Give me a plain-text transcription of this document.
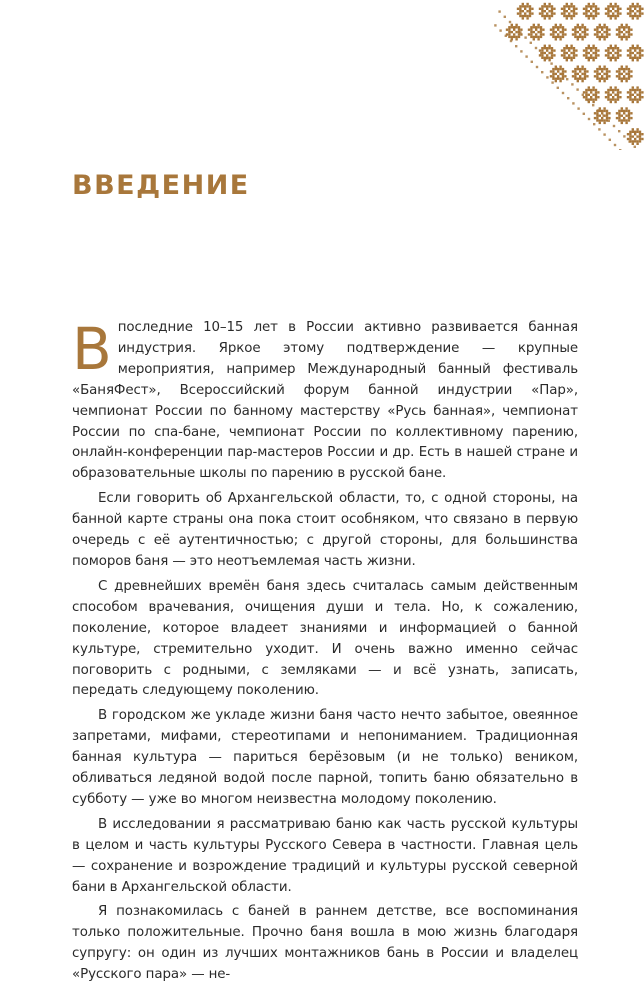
ВВЕДЕНИЕ

В последние 10–15 лет в России активно развивается банная индустрия. Яркое этому подтверждение — крупные мероприятия, например Международный банный фестиваль «БаняФест», Всероссийский форум банной индустрии «Пар», чемпионат России по банному мастерству «Русь банная», чемпионат России по спа-бане, чемпионат России по коллективному парению, онлайн-конференции пар-мастеров России и др. Есть в нашей стране и образовательные школы по парению в русской бане.

Если говорить об Архангельской области, то, с одной стороны, на банной карте страны она пока стоит особняком, что связано в первую очередь с её аутентичностью; с другой стороны, для большинства поморов баня — это неотъемлемая часть жизни.

С древнейших времён баня здесь считалась самым действенным способом врачевания, очищения души и тела. Но, к сожалению, поколение, которое владеет знаниями и информацией о банной культуре, стремительно уходит. И очень важно именно сейчас поговорить с родными, с земляками — и всё узнать, записать, передать следующему поколению.

В городском же укладе жизни баня часто нечто забытое, овеянное запретами, мифами, стереотипами и непониманием. Традиционная банная культура — париться берёзовым (и не только) веником, обливаться ледяной водой после парной, топить баню обязательно в субботу — уже во многом неизвестна молодому поколению.

В исследовании я рассматриваю баню как часть русской культуры в целом и часть культуры Русского Севера в частности. Главная цель — сохранение и возрождение традиций и культуры русской северной бани в Архангельской области.

Я познакомилась с баней в раннем детстве, все воспоминания только положительные. Прочно баня вошла в мою жизнь благодаря супругу: он один из лучших монтажников бань в России и владелец «Русского пара» — не-
